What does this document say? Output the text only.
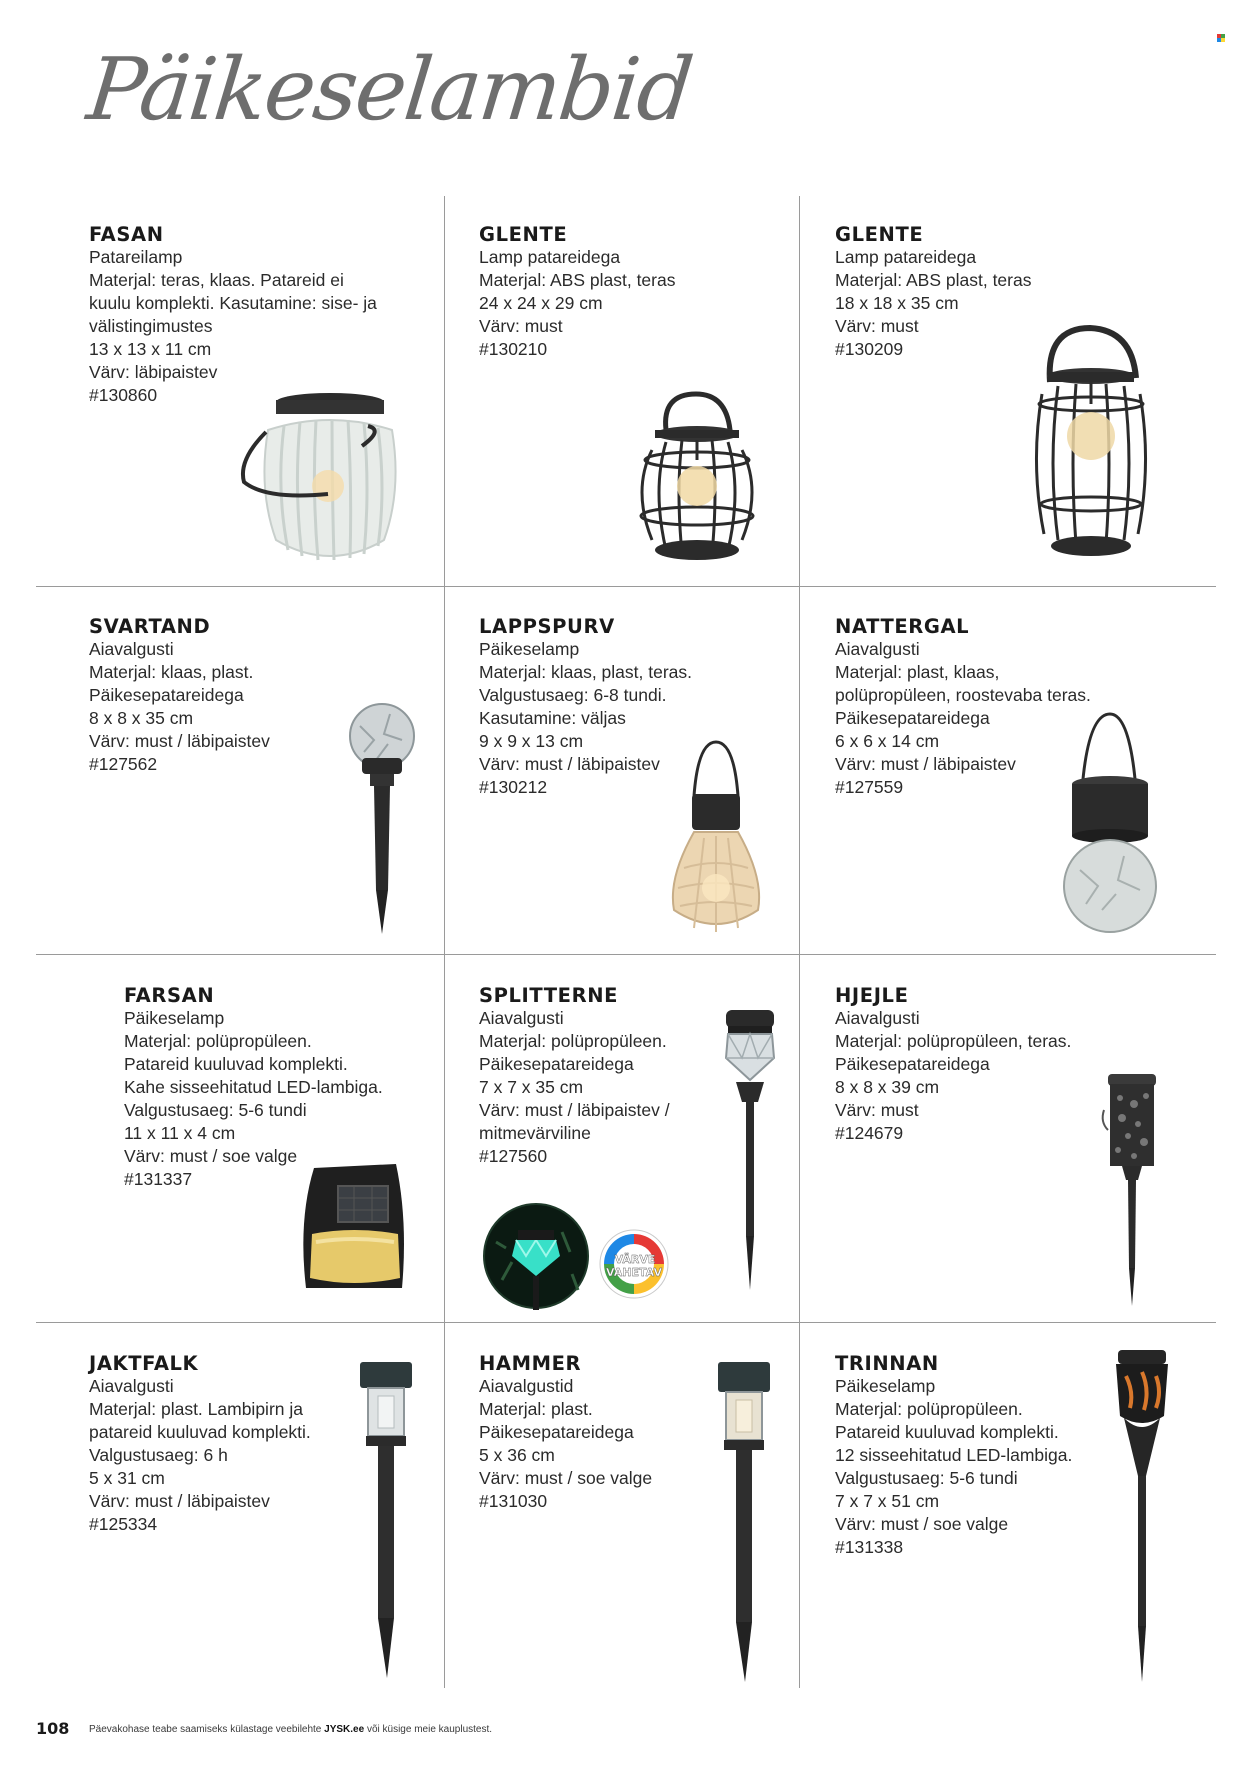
Päikeselambid
FASAN
Patareilamp
Materjal: teras, klaas. Patareid ei
kuulu komplekti. Kasutamine: sise- ja
välistingimustes
13 x 13 x 11 cm
Värv: läbipaistev
#130860
GLENTE
Lamp patareidega
Materjal: ABS plast, teras
24 x 24 x 29 cm
Värv: must
#130210
GLENTE
Lamp patareidega
Materjal: ABS plast, teras
18 x 18 x 35 cm
Värv: must
#130209
SVARTAND
Aiavalgusti
Materjal: klaas, plast.
Päikesepatareidega
8 x 8 x 35 cm
Värv: must / läbipaistev
#127562
LAPPSPURV
Päikeselamp
Materjal: klaas, plast, teras.
Valgustusaeg: 6-8 tundi.
Kasutamine: väljas
9 x 9 x 13 cm
Värv: must / läbipaistev
#130212
NATTERGAL
Aiavalgusti
Materjal: plast, klaas,
polüpropüleen, roostevaba teras.
Päikesepatareidega
6 x 6 x 14 cm
Värv: must / läbipaistev
#127559
FARSAN
Päikeselamp
Materjal: polüpropüleen.
Patareid kuuluvad komplekti.
Kahe sisseehitatud LED-lambiga.
Valgustusaeg: 5-6 tundi
11 x 11 x 4 cm
Värv: must / soe valge
#131337
SPLITTERNE
Aiavalgusti
Materjal: polüpropüleen.
Päikesepatareidega
7 x 7 x 35 cm
Värv: must / läbipaistev /
mitmevärviline
#127560
HJEJLE
Aiavalgusti
Materjal: polüpropüleen, teras.
Päikesepatareidega
8 x 8 x 39 cm
Värv: must
#124679
JAKTFALK
Aiavalgusti
Materjal: plast. Lambipirn ja
patareid kuuluvad komplekti.
Valgustusaeg: 6 h
5 x 31 cm
Värv: must / läbipaistev
#125334
HAMMER
Aiavalgustid
Materjal: plast.
Päikesepatareidega
5 x 36 cm
Värv: must / soe valge
#131030
TRINNAN
Päikeselamp
Materjal: polüpropüleen.
Patareid kuuluvad komplekti.
12 sisseehitatud LED-lambiga.
Valgustusaeg: 5-6 tundi
7 x 7 x 51 cm
Värv: must / soe valge
#131338
VÄRVE
VAHETAV
108 Päevakohase teabe saamiseks külastage veebilehte JYSK.ee või küsige meie kauplustest.
